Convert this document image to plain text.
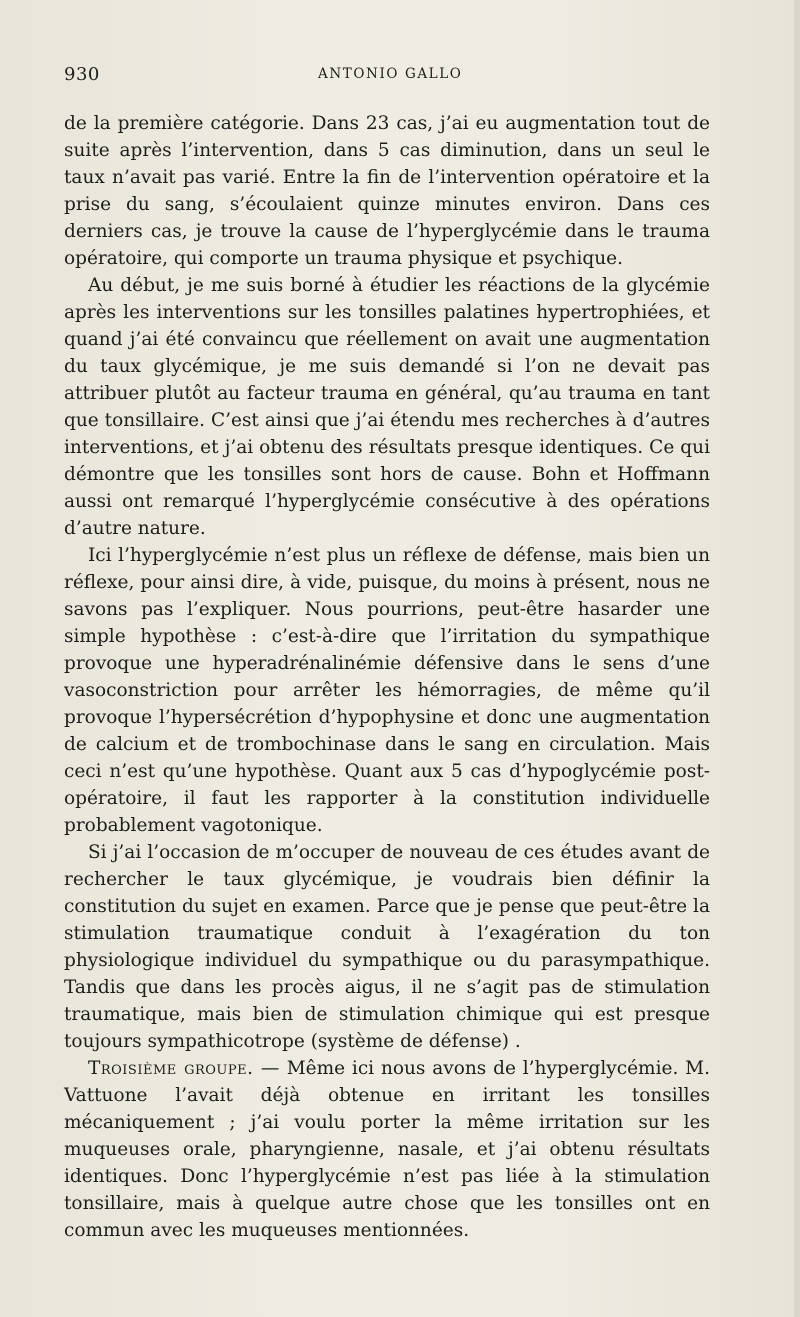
930	ANTONIO GALLO

de la première catégorie. Dans 23 cas, j’ai eu augmentation tout de suite après l’intervention, dans 5 cas diminution, dans un seul le taux n’avait pas varié. Entre la fin de l’intervention opératoire et la prise du sang, s’écoulaient quinze minutes environ. Dans ces derniers cas, je trouve la cause de l’hyperglycémie dans le trauma opératoire, qui comporte un trauma physique et psychique.

Au début, je me suis borné à étudier les réactions de la glycémie après les interventions sur les tonsilles palatines hypertrophiées, et quand j’ai été convaincu que réellement on avait une augmentation du taux glycémique, je me suis demandé si l’on ne devait pas attribuer plutôt au facteur trauma en général, qu’au trauma en tant que tonsillaire. C’est ainsi que j’ai étendu mes recherches à d’autres interventions, et j’ai obtenu des résultats presque identiques. Ce qui démontre que les tonsilles sont hors de cause. Bohn et Hoffmann aussi ont remarqué l’hyperglycémie consécutive à des opérations d’autre nature.

Ici l’hyperglycémie n’est plus un réflexe de défense, mais bien un réflexe, pour ainsi dire, à vide, puisque, du moins à présent, nous ne savons pas l’expliquer. Nous pourrions, peut-être hasarder une simple hypothèse : c’est-à-dire que l’irritation du sympathique provoque une hyperadrénalinémie défensive dans le sens d’une vasoconstriction pour arrêter les hémorragies, de même qu’il provoque l’hypersécrétion d’hypophysine et donc une augmentation de calcium et de trombochinase dans le sang en circulation. Mais ceci n’est qu’une hypothèse. Quant aux 5 cas d’hypoglycémie post-opératoire, il faut les rapporter à la constitution individuelle probablement vagotonique.

Si j’ai l’occasion de m’occuper de nouveau de ces études avant de rechercher le taux glycémique, je voudrais bien définir la constitution du sujet en examen. Parce que je pense que peut-être la stimulation traumatique conduit à l’exagération du ton physiologique individuel du sympathique ou du parasympathique. Tandis que dans les procès aigus, il ne s’agit pas de stimulation traumatique, mais bien de stimulation chimique qui est presque toujours sympathicotrope (système de défense) .

Troisième groupe. — Même ici nous avons de l’hyperglycémie. M. Vattuone l’avait déjà obtenue en irritant les tonsilles mécaniquement ; j’ai voulu porter la même irritation sur les muqueuses orale, pharyngienne, nasale, et j’ai obtenu résultats identiques. Donc l’hyperglycémie n’est pas liée à la stimulation tonsillaire, mais à quelque autre chose que les tonsilles ont en commun avec les muqueuses mentionnées.
